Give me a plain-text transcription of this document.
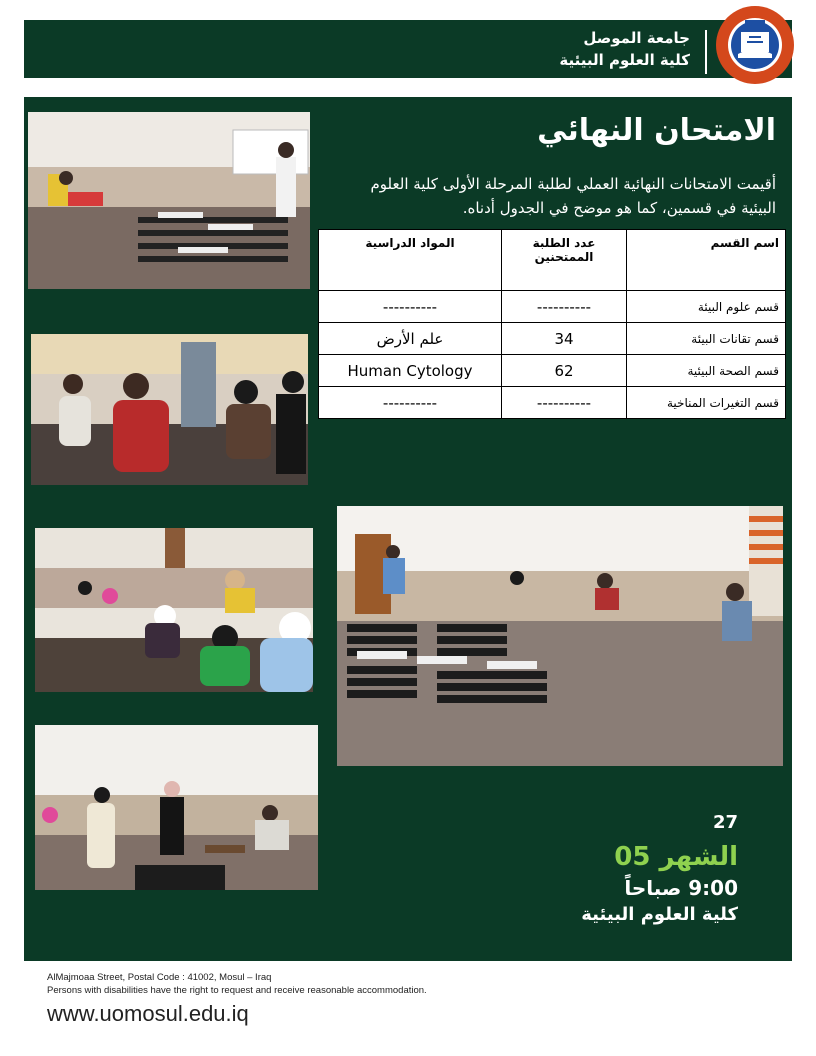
جامعة الموصل
كلية العلوم البيئية
الامتحان النهائي
أقيمت الامتحانات النهائية العملي لطلبة المرحلة الأولى كلية العلوم البيئية في قسمين، كما هو موضح في الجدول أدناه.
اسم القسم	عدد الطلبة الممتحنين	المواد الدراسية
قسم علوم البيئة	----------	----------
قسم تقانات البيئة	34	علم الأرض
قسم الصحة البيئية	62	Human Cytology
قسم التغيرات المناخية	----------	----------
27
الشهر 05
9:00 صباحاً
كلية العلوم البيئية
AlMajmoaa Street, Postal Code : 41002, Mosul – Iraq
Persons with disabilities have the right to request and receive reasonable accommodation.
www.uomosul.edu.iq
